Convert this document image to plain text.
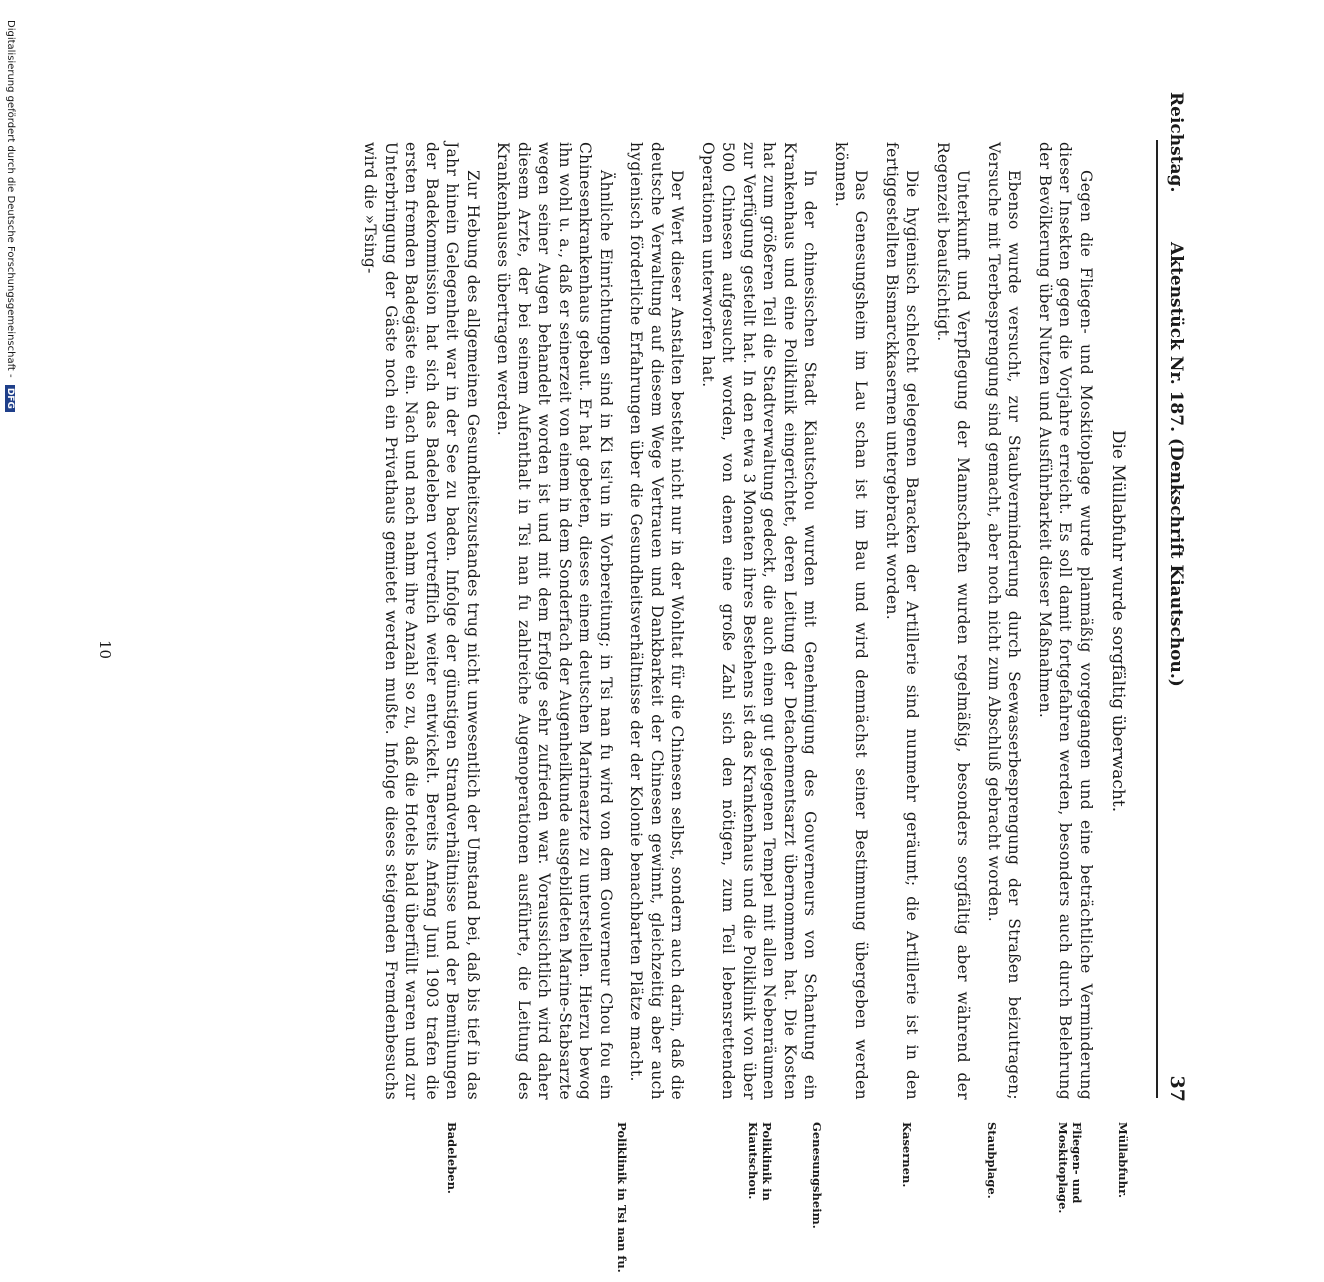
Reichstag.
Aktenstück Nr. 187. (Denkschrift Kiautschou.)
37
Die Müllabfuhr wurde sorgfältig überwacht.

Gegen die Fliegen- und Moskitoplage wurde planmäßig vorgegangen und eine beträchtliche Verminderung dieser Insekten gegen die Vorjahre erreicht. Es soll damit fortgefahren werden, besonders auch durch Belehrung der Bevölkerung über Nutzen und Ausführbarkeit dieser Maßnahmen.

Ebenso wurde versucht, zur Staubverminderung durch Seewasserbesprengung der Straßen beizutragen; Versuche mit Teerbesprengung sind gemacht, aber noch nicht zum Abschluß gebracht worden.

Unterkunft und Verpflegung der Mannschaften wurden regelmäßig, besonders sorgfältig aber während der Regenzeit beaufsichtigt.

Die hygienisch schlecht gelegenen Baracken der Artillerie sind nunmehr geräumt; die Artillerie ist in den fertiggestellten Bismarckkasernen untergebracht worden.

Das Genesungsheim im Lau schan ist im Bau und wird demnächst seiner Bestimmung übergeben werden können.

In der chinesischen Stadt Kiautschou wurden mit Genehmigung des Gouverneurs von Schantung ein Krankenhaus und eine Poliklinik eingerichtet, deren Leitung der Detachementsarzt übernommen hat. Die Kosten hat zum größeren Teil die Stadtverwaltung gedeckt, die auch einen gut gelegenen Tempel mit allen Nebenräumen zur Verfügung gestellt hat. In den etwa 3 Monaten ihres Bestehens ist das Krankenhaus und die Poliklinik von über 500 Chinesen aufgesucht worden, von denen eine große Zahl sich den nötigen, zum Teil lebensrettenden Operationen unterworfen hat.

Der Wert dieser Anstalten besteht nicht nur in der Wohltat für die Chinesen selbst, sondern auch darin, daß die deutsche Verwaltung auf diesem Wege Vertrauen und Dankbarkeit der Chinesen gewinnt, gleichzeitig aber auch hygienisch förderliche Erfahrungen über die Gesundheitsverhältnisse der der Kolonie benachbarten Plätze macht.

Ähnliche Einrichtungen sind in Ki tsi'un in Vorbereitung; in Tsi nan fu wird von dem Gouverneur Chou fou ein Chinesenkrankenhaus gebaut. Er hat gebeten, dieses einem deutschen Marinearzte zu unterstellen. Hierzu bewog ihn wohl u. a., daß er seinerzeit von einem in dem Sonderfach der Augenheilkunde ausgebildeten Marine-Stabsarzte wegen seiner Augen behandelt worden ist und mit dem Erfolge sehr zufrieden war. Voraussichtlich wird daher diesem Arzte, der bei seinem Aufenthalt in Tsi nan fu zahlreiche Augenoperationen ausführte, die Leitung des Krankenhauses übertragen werden.

Zur Hebung des allgemeinen Gesundheitszustandes trug nicht unwesentlich der Umstand bei, daß bis tief in das Jahr hinein Gelegenheit war in der See zu baden. Infolge der günstigen Strandverhältnisse und der Bemühungen der Badekommission hat sich das Badeleben vortrefflich weiter entwickelt. Bereits Anfang Juni 1903 trafen die ersten fremden Badegäste ein. Nach und nach nahm ihre Anzahl so zu, daß die Hotels bald überfüllt waren und zur Unterbringung der Gäste noch ein Privathaus gemietet werden mußte. Infolge dieses steigenden Fremdenbesuchs wird die »Tsing-

Müllabfuhr.
Fliegen- und Moskitoplage.
Staubplage.
Kasernen.
Genesungsheim.
Poliklinik in Kiautschou.
Poliklinik in Tsi nan fu.
Badeleben.
10
Digitalisierung gefördert durch die Deutsche Forschungsgemeinschaft - DFG
